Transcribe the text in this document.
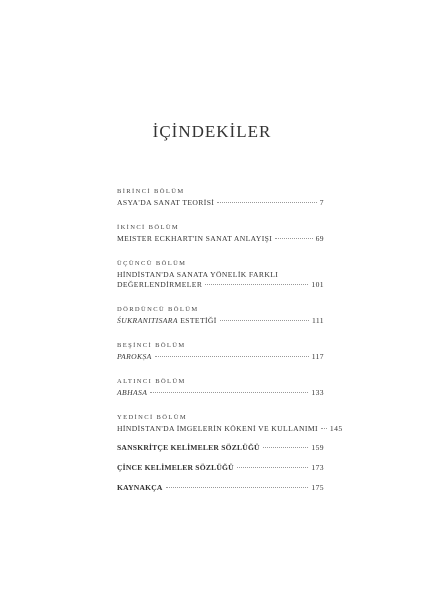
İÇİNDEKİLER
BİRİNCİ BÖLÜM
ASYA'DA SANAT TEORİSİ	7
İKİNCİ BÖLÜM
MEISTER ECKHART'IN SANAT ANLAYIŞI	69
ÜÇÜNCÜ BÖLÜM
HİNDİSTAN'DA SANATA YÖNELİK FARKLI
DEĞERLENDİRMELER	101
DÖRDÜNCÜ BÖLÜM
ŚUKRANITISARA ESTETİĞİ	111
BEŞİNCİ BÖLÜM
PAROKṢA	117
ALTINCI BÖLÜM
ABHASA	133
YEDİNCİ BÖLÜM
HİNDİSTAN'DA İMGELERİN KÖKENİ VE KULLANIMI 145
SANSKRİTÇE KELİMELER SÖZLÜĞÜ	159
ÇİNCE KELİMELER SÖZLÜĞÜ	173
KAYNAKÇA	175
